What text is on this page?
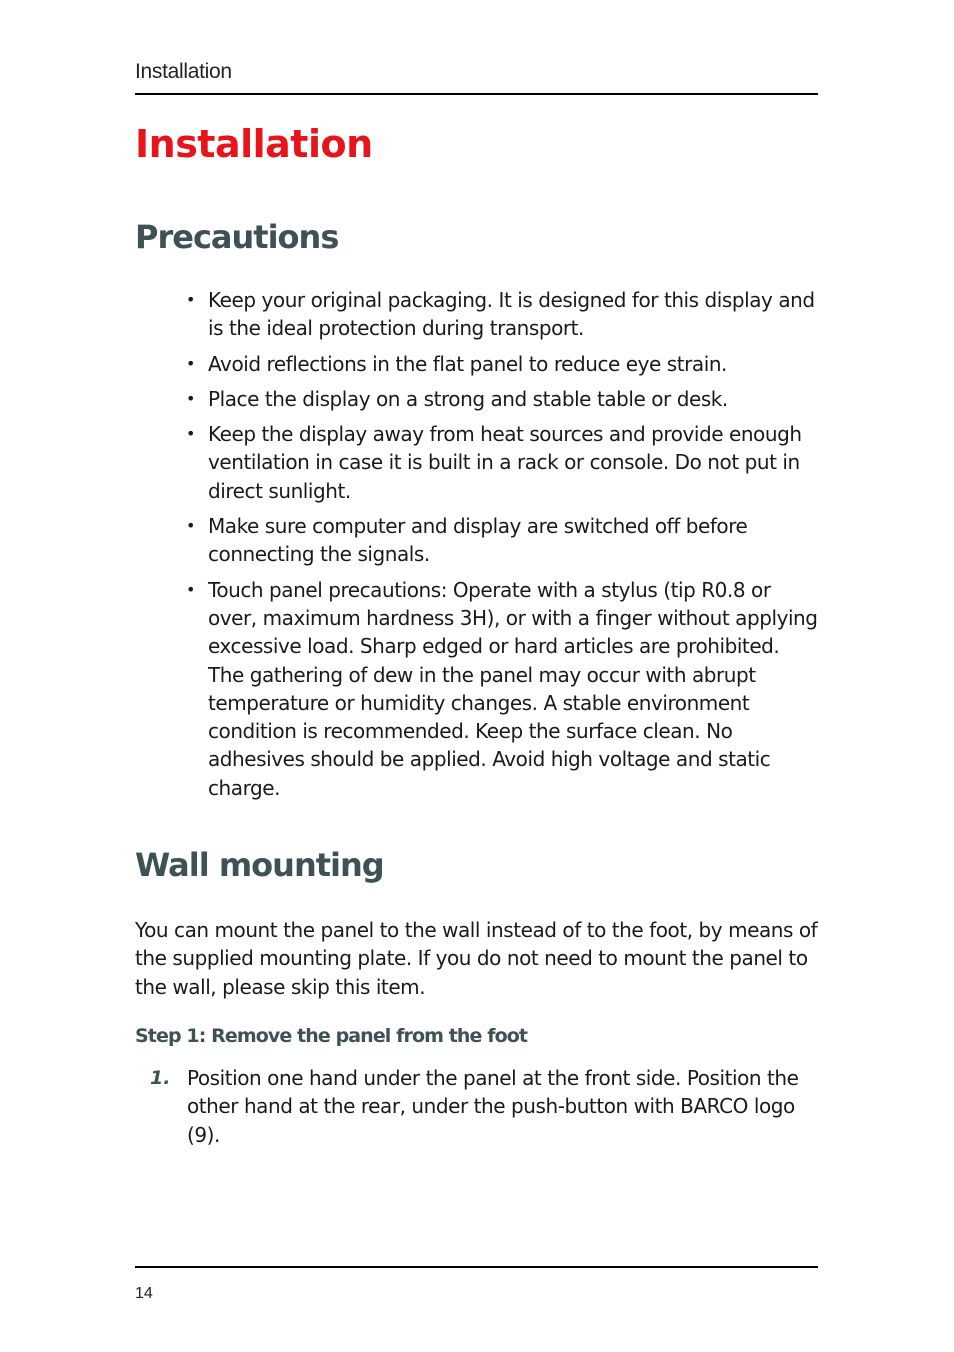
Installation
Installation
Precautions
• Keep your original packaging. It is designed for this display and is the ideal protection during transport.
• Avoid reflections in the flat panel to reduce eye strain.
• Place the display on a strong and stable table or desk.
• Keep the display away from heat sources and provide enough ventilation in case it is built in a rack or console. Do not put in direct sunlight.
• Make sure computer and display are switched off before connecting the signals.
• Touch panel precautions: Operate with a stylus (tip R0.8 or over, maximum hardness 3H), or with a finger without applying excessive load. Sharp edged or hard articles are prohibited. The gathering of dew in the panel may occur with abrupt temperature or humidity changes. A stable environment condition is recommended. Keep the surface clean. No adhesives should be applied. Avoid high voltage and static charge.
Wall mounting

You can mount the panel to the wall instead of to the foot, by means of the supplied mounting plate. If you do not need to mount the panel to the wall, please skip this item.

Step 1: Remove the panel from the foot
1. Position one hand under the panel at the front side. Position the other hand at the rear, under the push-button with BARCO logo (9).

14
